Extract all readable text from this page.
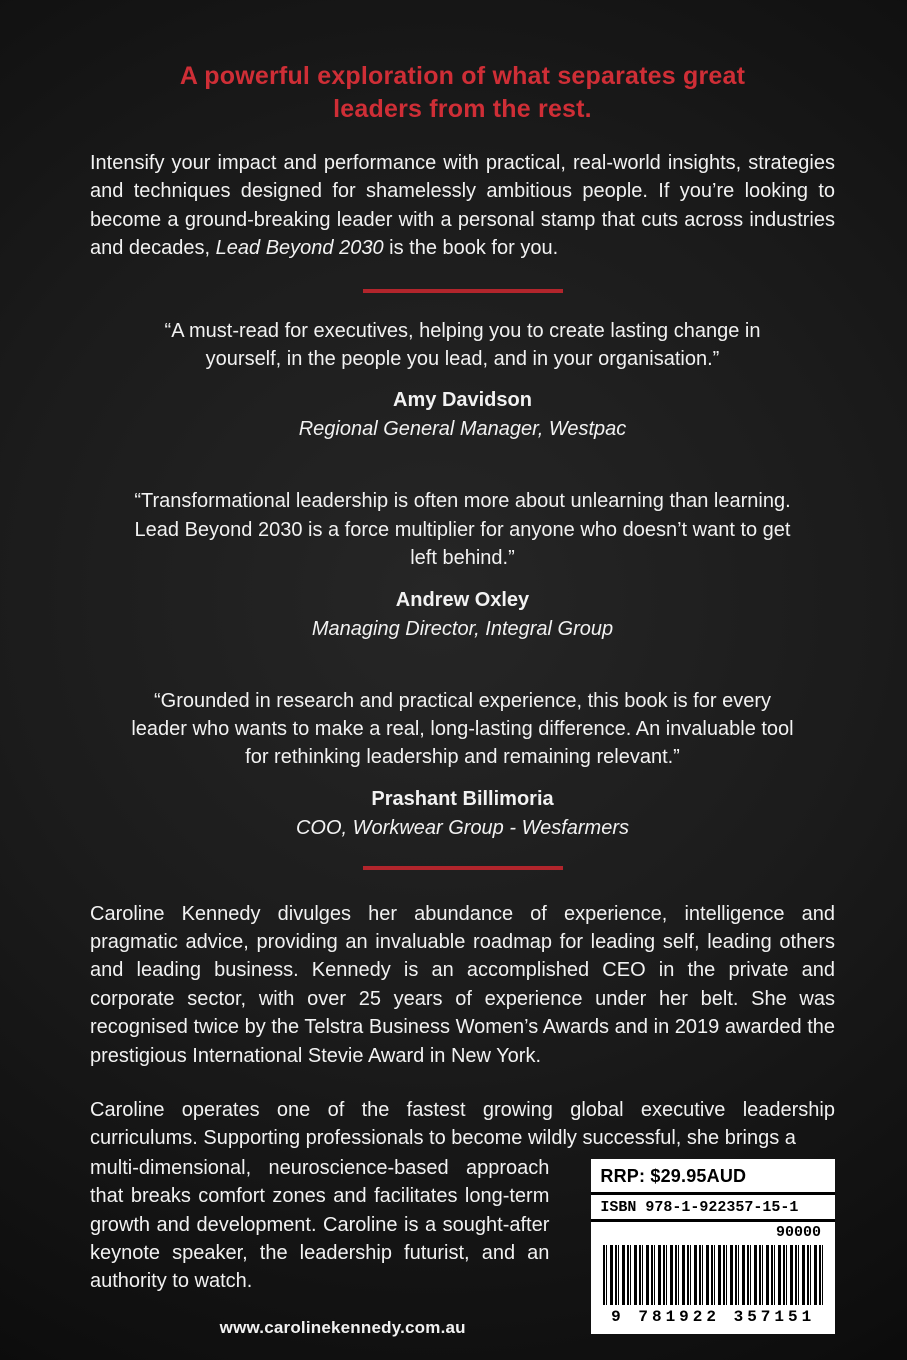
A powerful exploration of what separates great leaders from the rest.

Intensify your impact and performance with practical, real-world insights, strategies and techniques designed for shamelessly ambitious people. If you’re looking to become a ground-breaking leader with a personal stamp that cuts across industries and decades, Lead Beyond 2030 is the book for you.

“A must-read for executives, helping you to create lasting change in yourself, in the people you lead, and in your organisation.”

Amy Davidson

Regional General Manager, Westpac

“Transformational leadership is often more about unlearning than learning. Lead Beyond 2030 is a force multiplier for anyone who doesn’t want to get left behind.”

Andrew Oxley

Managing Director, Integral Group

“Grounded in research and practical experience, this book is for every leader who wants to make a real, long-lasting difference. An invaluable tool for rethinking leadership and remaining relevant.”

Prashant Billimoria

COO, Workwear Group - Wesfarmers

Caroline Kennedy divulges her abundance of experience, intelligence and pragmatic advice, providing an invaluable roadmap for leading self, leading others and leading business. Kennedy is an accomplished CEO in the private and corporate sector, with over 25 years of experience under her belt. She was recognised twice by the Telstra Business Women’s Awards and in 2019 awarded the prestigious International Stevie Award in New York.

Caroline operates one of the fastest growing global executive leadership curriculums. Supporting professionals to become wildly successful, she brings a

multi-dimensional, neuroscience-based approach that breaks comfort zones and facilitates long-term growth and development. Caroline is a sought-after keynote speaker, the leadership futurist, and an authority to watch.

www.carolinekennedy.com.au

RRP: $29.95AUD
ISBN 978-1-922357-15-1
90000
9 781922 357151
